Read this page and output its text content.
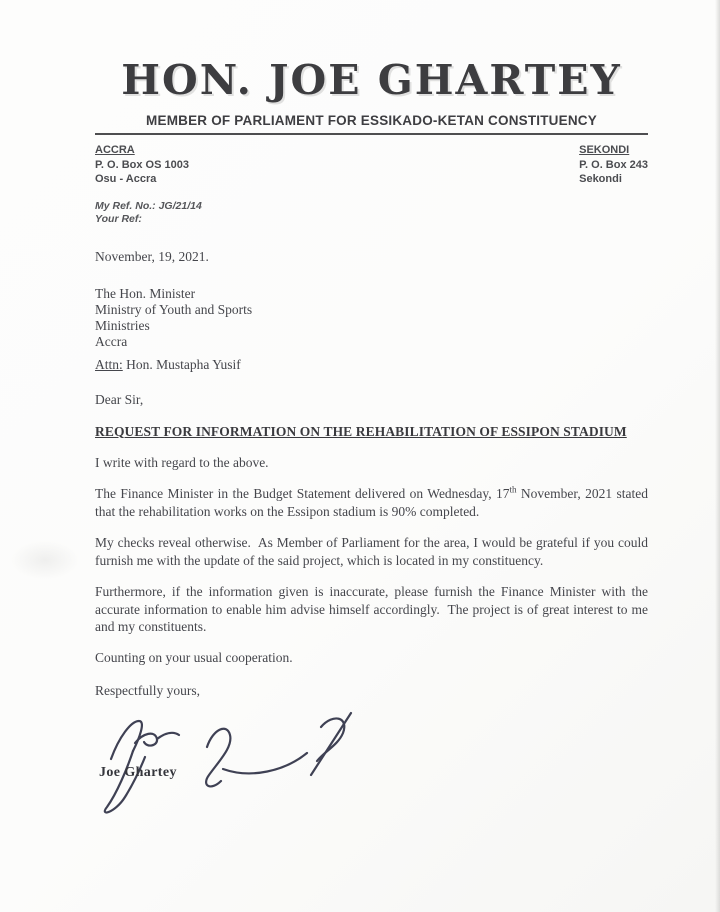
HON. JOE GHARTEY
MEMBER OF PARLIAMENT FOR ESSIKADO-KETAN CONSTITUENCY
ACCRA
P. O. Box OS 1003
Osu - Accra
SEKONDI
P. O. Box 243
Sekondi
My Ref. No.: JG/21/14
Your Ref:
November, 19, 2021.
The Hon. Minister
Ministry of Youth and Sports
Ministries
Accra
Attn: Hon. Mustapha Yusif
Dear Sir,
REQUEST FOR INFORMATION ON THE REHABILITATION OF ESSIPON STADIUM
I write with regard to the above.
The Finance Minister in the Budget Statement delivered on Wednesday, 17th November, 2021 stated that the rehabilitation works on the Essipon stadium is 90% completed.
My checks reveal otherwise.  As Member of Parliament for the area, I would be grateful if you could furnish me with the update of the said project, which is located in my constituency.
Furthermore, if the information given is inaccurate, please furnish the Finance Minister with the accurate information to enable him advise himself accordingly.  The project is of great interest to me and my constituents.
Counting on your usual cooperation.
Respectfully yours,
Joe Ghartey
